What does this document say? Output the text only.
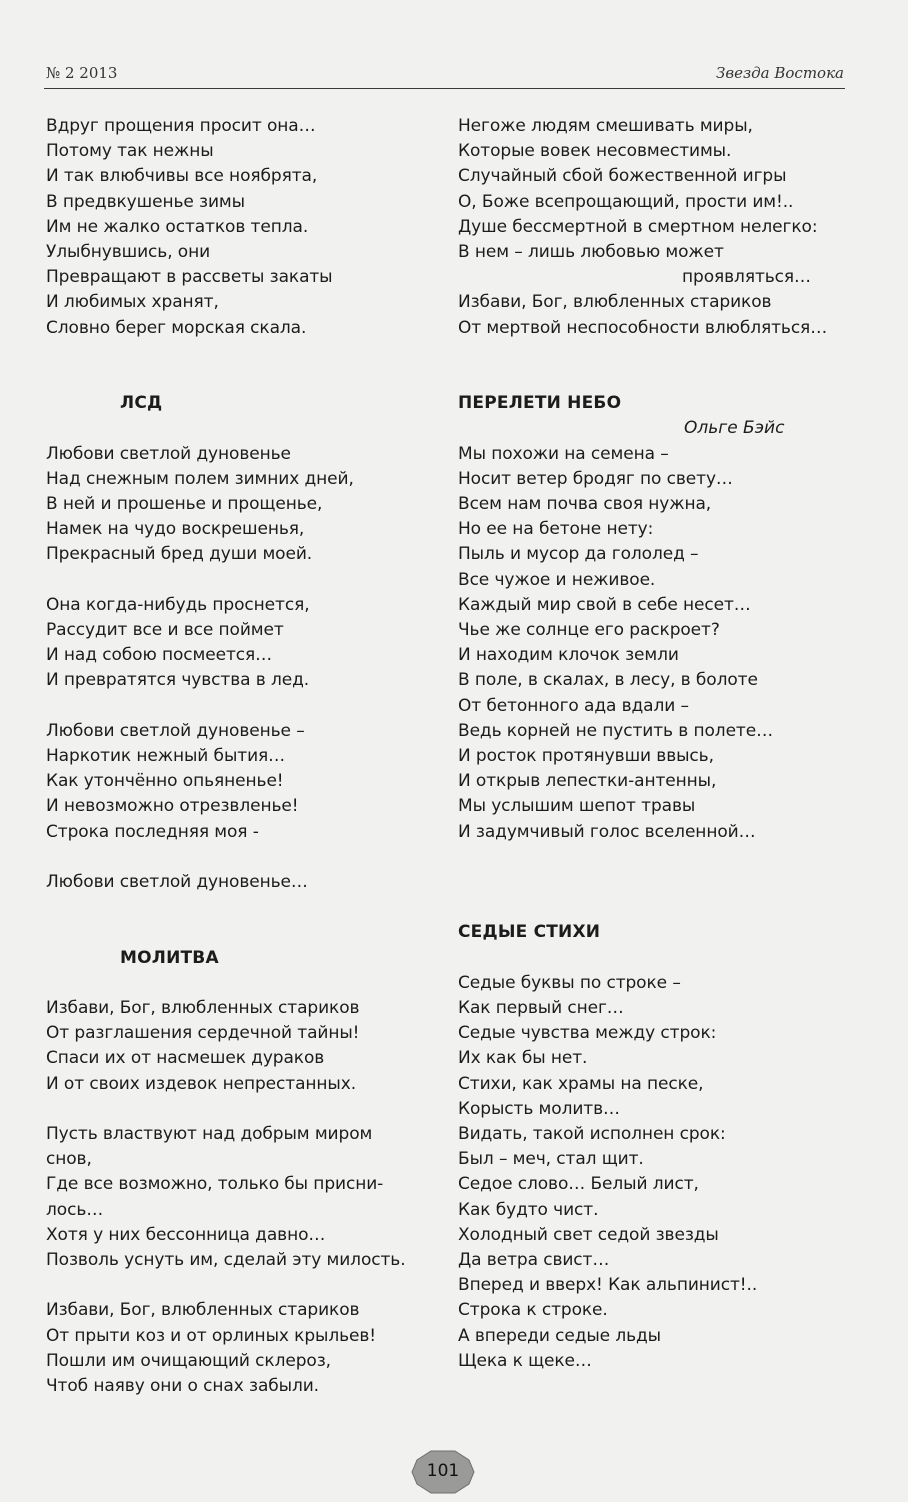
№ 2 2013	Звезда Востока
Вдруг прощения просит она…
Потому так нежны
И так влюбчивы все ноябрята,
В предвкушенье зимы
Им не жалко остатков тепла.
Улыбнувшись, они
Превращают в рассветы закаты
И любимых хранят,
Словно берег морская скала.
ЛСД
Любови светлой дуновенье
Над снежным полем зимних дней,
В ней и прошенье и прощенье,
Намек на чудо воскрешенья,
Прекрасный бред души моей.
Она когда-нибудь проснется,
Рассудит все и все поймет
И над собою посмеется…
И превратятся чувства в лед.
Любови светлой дуновенье –
Наркотик нежный бытия…
Как утончённо опьяненье!
И невозможно отрезвленье!
Строка последняя моя -
Любови светлой дуновенье…
МОЛИТВА
Избави, Бог, влюбленных стариков
От разглашения сердечной тайны!
Спаси их от насмешек дураков
И от своих издевок непрестанных.
Пусть властвуют над добрым миром
снов,
Где все возможно, только бы присни-
лось…
Хотя у них бессонница давно…
Позволь уснуть им, сделай эту милость.
Избави, Бог, влюбленных стариков
От прыти коз и от орлиных крыльев!
Пошли им очищающий склероз,
Чтоб наяву они о снах забыли.
Негоже людям смешивать миры,
Которые вовек несовместимы.
Случайный сбой божественной игры
О, Боже всепрощающий, прости им!..
Душе бессмертной в смертном нелегко:
В нем – лишь любовью может
проявляться…
Избави, Бог, влюбленных стариков
От мертвой неспособности влюбляться…
ПЕРЕЛЕТИ НЕБО
Ольге Бэйс
Мы похожи на семена –
Носит ветер бродяг по свету…
Всем нам почва своя нужна,
Но ее на бетоне нету:
Пыль и мусор да гололед –
Все чужое и неживое.
Каждый мир свой в себе несет…
Чье же солнце его раскроет?
И находим клочок земли
В поле, в скалах, в лесу, в болоте
От бетонного ада вдали –
Ведь корней не пустить в полете…
И росток протянувши ввысь,
И открыв лепестки-антенны,
Мы услышим шепот травы
И задумчивый голос вселенной…
СЕДЫЕ СТИХИ
Седые буквы по строке –
Как первый снег…
Седые чувства между строк:
Их как бы нет.
Стихи, как храмы на песке,
Корысть молитв…
Видать, такой исполнен срок:
Был – меч, стал щит.
Седое слово… Белый лист,
Как будто чист.
Холодный свет седой звезды
Да ветра свист…
Вперед и вверх! Как альпинист!..
Строка к строке.
А впереди седые льды
Щека к щеке…
101
